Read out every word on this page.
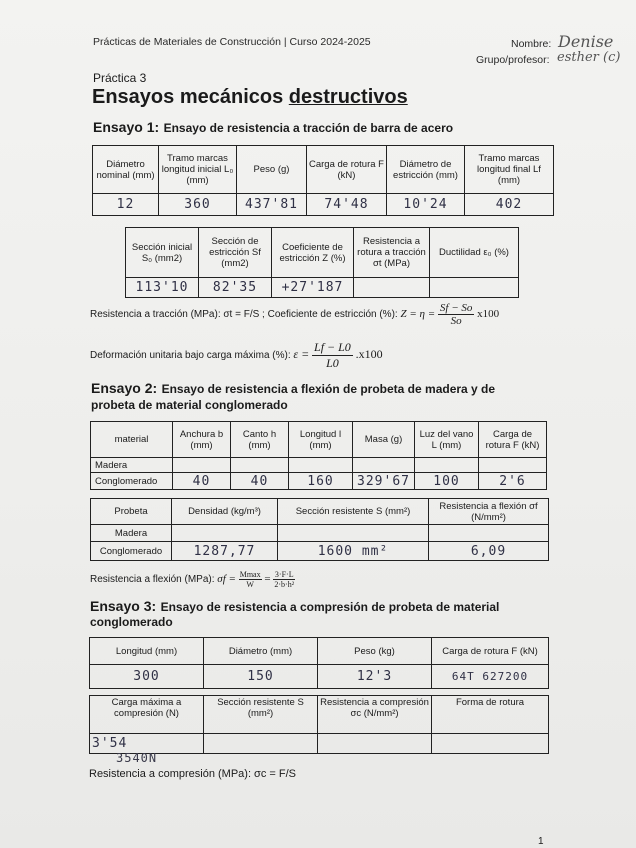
Prácticas de Materiales de Construcción | Curso 2024-2025	Nombre: Denise
Grupo/profesor: esther (c)
Práctica 3
Ensayos mecánicos destructivos
Ensayo 1: Ensayo de resistencia a tracción de barra de acero
Diámetro nominal (mm)	Tramo marcas longitud inicial L₀ (mm)	Peso (g)	Carga de rotura F (kN)	Diámetro de estricción (mm)	Tramo marcas longitud final Lf (mm)
12	360	437'81	74'48	10'24	402
Sección inicial S₀ (mm2)	Sección de estricción Sf (mm2)	Coeficiente de estricción Z (%)	Resistencia a rotura a tracción σt (MPa)	Ductilidad ε₀ (%)
113'10	82'35	+27'187		
Resistencia a tracción (MPa): σt = F/S ; Coeficiente de estricción (%): $Z = \eta = \frac{Sf - So}{So} x100$
Deformación unitaria bajo carga máxima (%): $\varepsilon = \frac{Lf - L0}{L0} .x100$
Ensayo 2: Ensayo de resistencia a flexión de probeta de madera y de
probeta de material conglomerado
material	Anchura b (mm)	Canto h (mm)	Longitud l (mm)	Masa (g)	Luz del vano L (mm)	Carga de rotura F (kN)
Madera						
Conglomerado	40	40	160	329'67	100	2'6
Probeta	Densidad (kg/m³)	Sección resistente S (mm²)	Resistencia a flexión σf (N/mm²)
Madera			
Conglomerado	1287,77	1600 mm²	6,09
Resistencia a flexión (MPa): $\sigma f = \frac{Mmax}{W} = \frac{3\cdot F\cdot L}{\text{2·b·h²}}$
Ensayo 3: Ensayo de resistencia a compresión de probeta de material
conglomerado
Longitud (mm)	Diámetro (mm)	Peso (kg)	Carga de rotura F (kN)
300	150	12'3	64T 627200
Carga máxima a compresión (N)	Sección resistente S (mm²)	Resistencia a compresión σc (N/mm²)	Forma de rotura
3'54			
3540N
Resistencia a compresión (MPa): σc = F/S
1
